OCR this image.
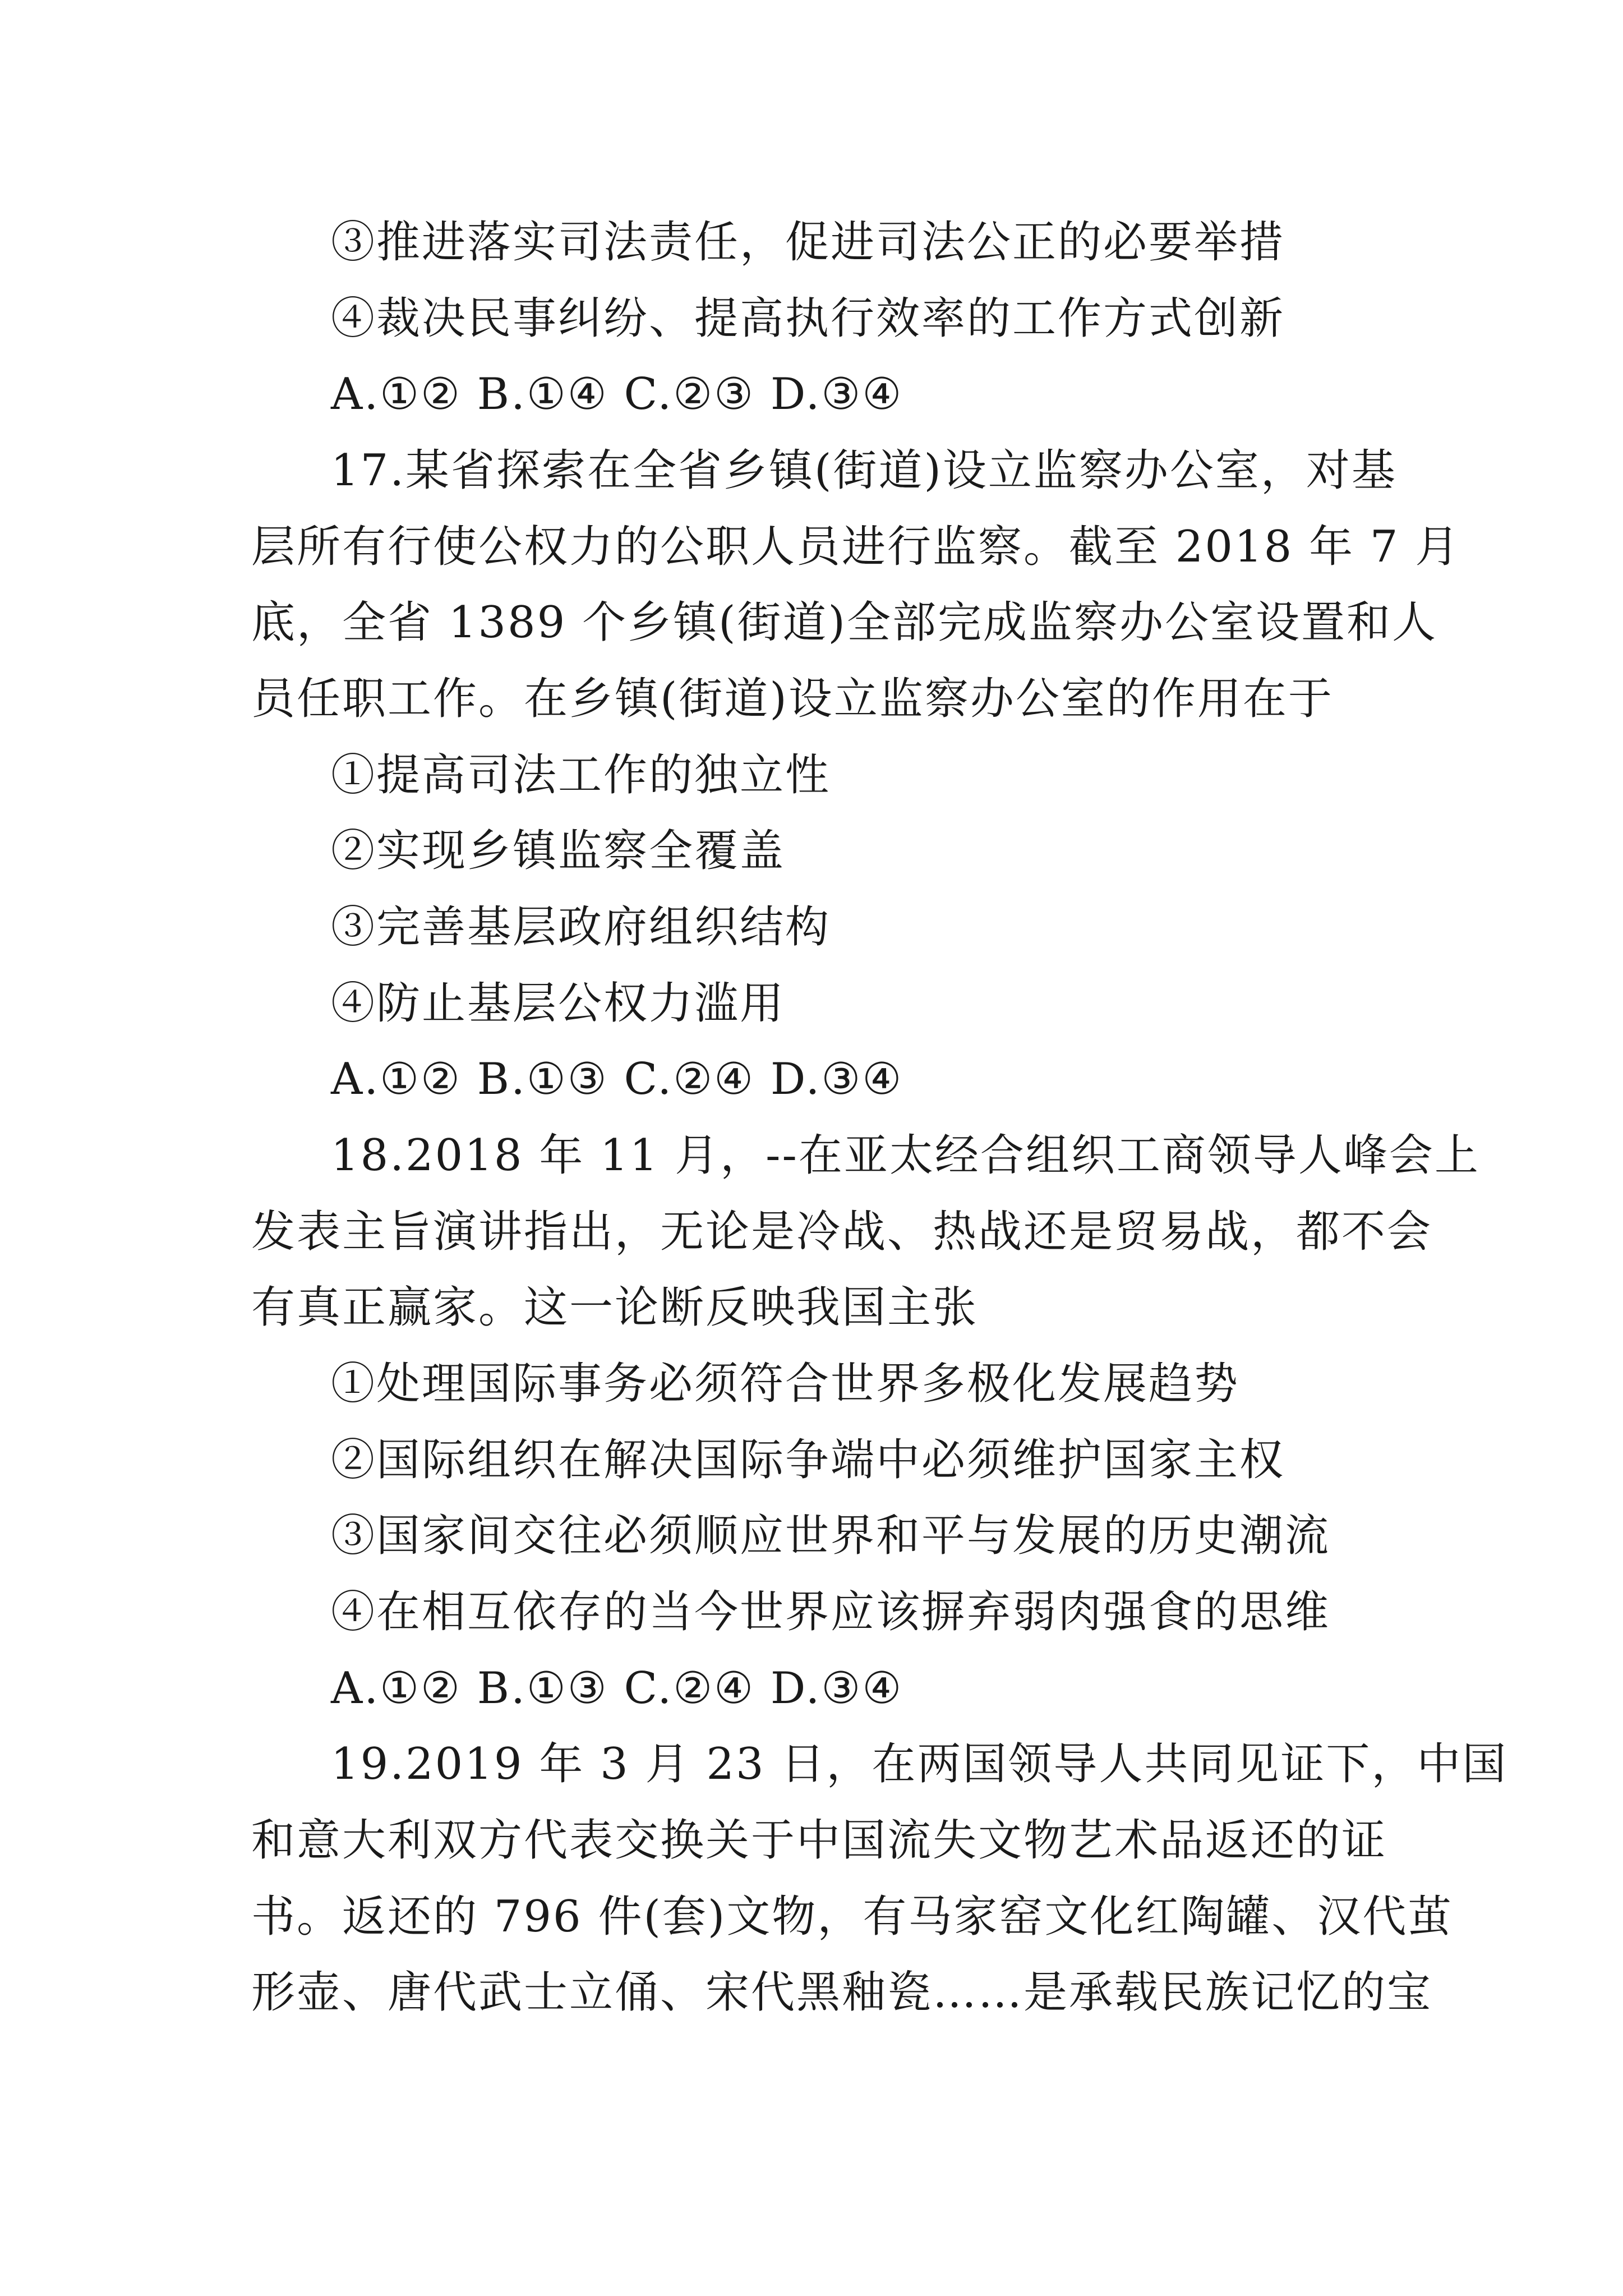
③推进落实司法责任，促进司法公正的必要举措
④裁决民事纠纷、提高执行效率的工作方式创新
A.①② B.①④ C.②③ D.③④
17.某省探索在全省乡镇(街道)设立监察办公室，对基
层所有行使公权力的公职人员进行监察。截至 2018 年 7 月
底，全省 1389 个乡镇(街道)全部完成监察办公室设置和人
员任职工作。在乡镇(街道)设立监察办公室的作用在于
①提高司法工作的独立性
②实现乡镇监察全覆盖
③完善基层政府组织结构
④防止基层公权力滥用
A.①② B.①③ C.②④ D.③④
18.2018 年 11 月，--在亚太经合组织工商领导人峰会上
发表主旨演讲指出，无论是冷战、热战还是贸易战，都不会
有真正赢家。这一论断反映我国主张
①处理国际事务必须符合世界多极化发展趋势
②国际组织在解决国际争端中必须维护国家主权
③国家间交往必须顺应世界和平与发展的历史潮流
④在相互依存的当今世界应该摒弃弱肉强食的思维
A.①② B.①③ C.②④ D.③④
19.2019 年 3 月 23 日，在两国领导人共同见证下，中国
和意大利双方代表交换关于中国流失文物艺术品返还的证
书。返还的 796 件(套)文物，有马家窑文化红陶罐、汉代茧
形壶、唐代武士立俑、宋代黑釉瓷……是承载民族记忆的宝
